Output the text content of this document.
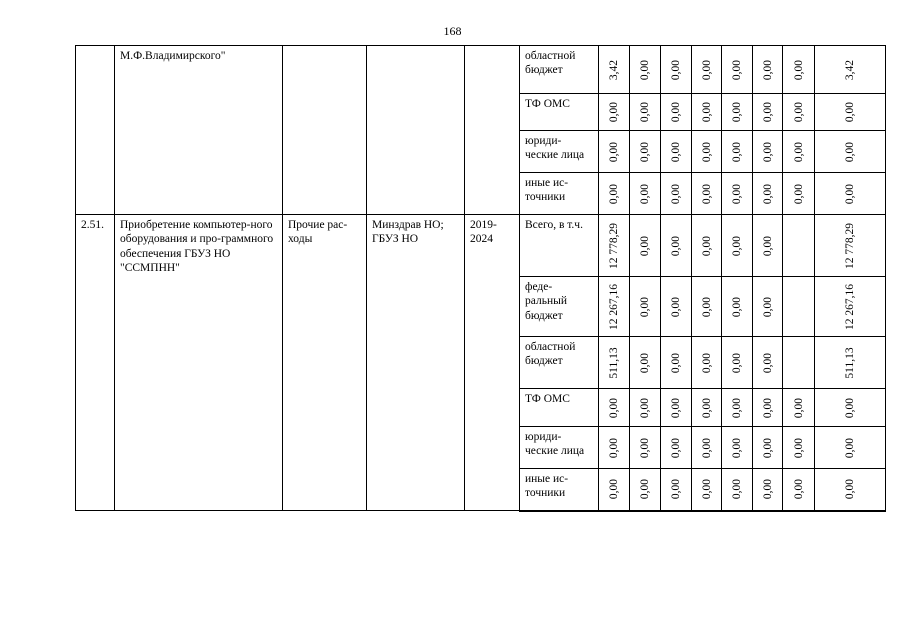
168
	М.Ф.Владимирского"				областной бюджет	3,42	0,00	0,00	0,00	0,00	0,00	0,00	3,42

					ТФ ОМС	0,00	0,00	0,00	0,00	0,00	0,00	0,00	0,00

					юриди-ческие лица	0,00	0,00	0,00	0,00	0,00	0,00	0,00	0,00

					иные ис-точники	0,00	0,00	0,00	0,00	0,00	0,00	0,00	0,00

2.51.	Приобретение компьютер-ного оборудования и про-граммного обеспечения ГБУЗ НО "ССМПНН"	Прочие рас-ходы	Минздрав НО; ГБУЗ НО	2019-2024	Всего, в т.ч.	12 778,29	0,00	0,00	0,00	0,00	0,00		12 778,29

					феде-ральный бюджет	12 267,16	0,00	0,00	0,00	0,00	0,00		12 267,16

					областной бюджет	511,13	0,00	0,00	0,00	0,00	0,00		511,13

					ТФ ОМС	0,00	0,00	0,00	0,00	0,00	0,00	0,00	0,00

					юриди-ческие лица	0,00	0,00	0,00	0,00	0,00	0,00	0,00	0,00

					иные ис-точники	0,00	0,00	0,00	0,00	0,00	0,00	0,00	0,00
